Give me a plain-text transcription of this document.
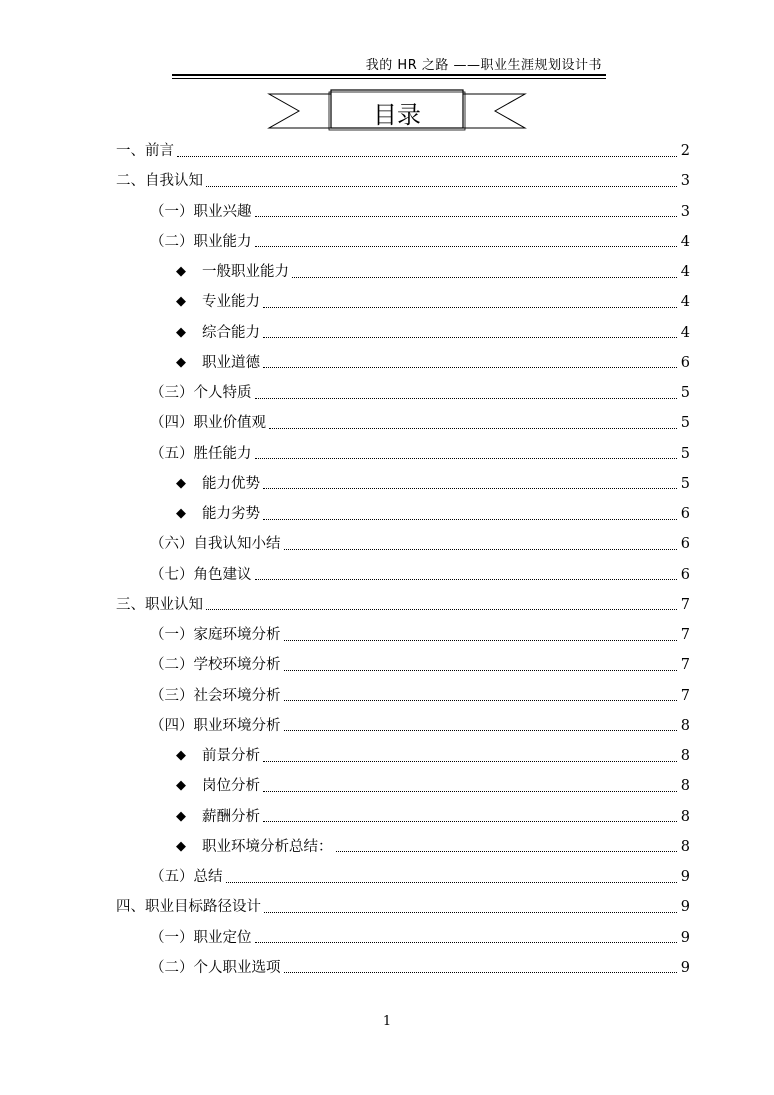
我的 HR 之路 ——职业生涯规划设计书
目录
一、前言	2
二、自我认知	3
（一）职业兴趣	3
（二）职业能力	4
◆ 一般职业能力	4
◆ 专业能力	4
◆ 综合能力	4
◆ 职业道德	6
（三）个人特质	5
（四）职业价值观	5
（五）胜任能力	5
◆ 能力优势	5
◆ 能力劣势	6
（六）自我认知小结	6
（七）角色建议	6
三、职业认知	7
（一）家庭环境分析	7
（二）学校环境分析	7
（三）社会环境分析	7
（四）职业环境分析	8
◆ 前景分析	8
◆ 岗位分析	8
◆ 薪酬分析	8
◆ 职业环境分析总结：	8
（五）总结	9
四、职业目标路径设计	9
（一）职业定位	9
（二）个人职业选项	9
1
